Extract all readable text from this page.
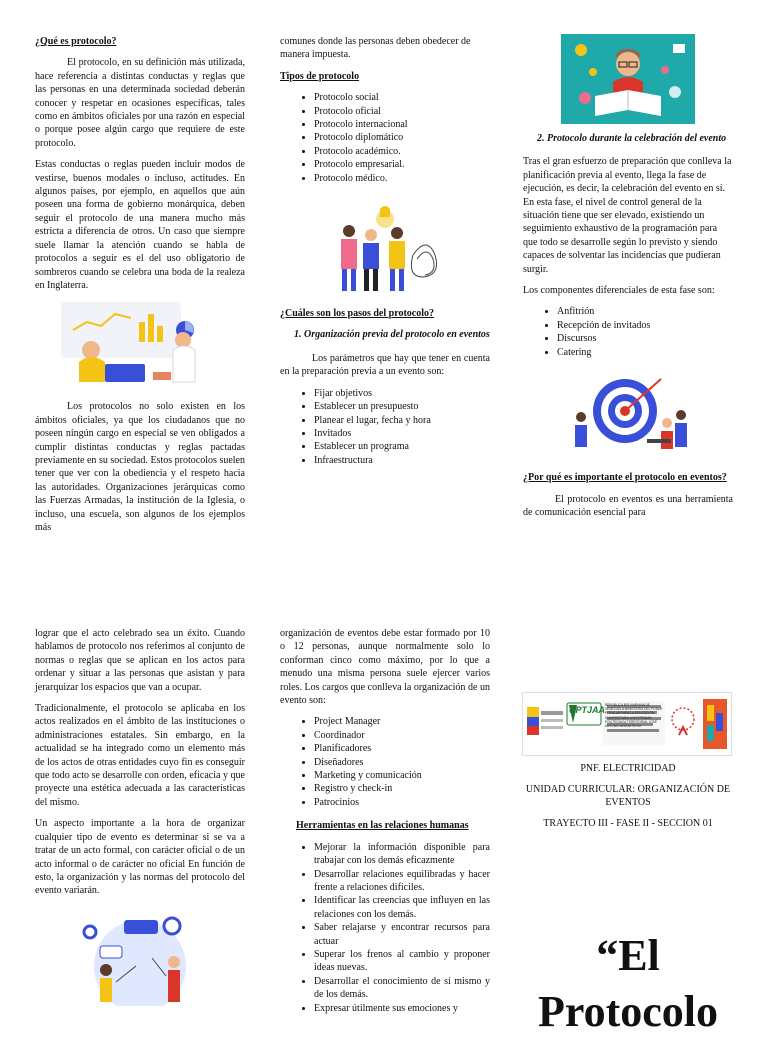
¿Qué es protocolo?

El protocolo, en su definición más utilizada, hace referencia a distintas conductas y reglas que las personas en una determinada sociedad deberán conocer y respetar en ocasiones específicas, tales como en ámbitos oficiales por una razón en especial o porque posee algún cargo que requiere de este protocolo.

Estas conductas o reglas pueden incluir modos de vestirse, buenos modales o incluso, actitudes. En algunos países, por ejemplo, en aquellos que aún poseen una forma de gobierno monárquica, deben seguir el protocolo de una manera mucho más estricta a diferencia de otros. Un caso que siempre suele llamar la atención cuando se habla de protocolos a seguir es el del uso obligatorio de sombreros cuando se celebra una boda de la realeza en Inglaterra.

Los protocolos no solo existen en los ámbitos oficiales, ya que los ciudadanos que no poseen ningún cargo en especial se ven obligados a cumplir distintas conductas y reglas pactadas previamente en su sociedad. Estos protocolos suelen tener que ver con la obediencia y el respeto hacia las autoridades. Organizaciones jerárquicas como las Fuerzas Armadas, la institución de la Iglesia, o incluso, una escuela, son algunos de los ejemplos más

comunes donde las personas deben obedecer de manera impuesta.

Tipos de protocolo
• Protocolo social
• Protocolo oficial
• Protocolo internacional
• Protocolo diplomático
• Protocolo académico.
• Protocolo empresarial.
• Protocolo médico.
¿Cuáles son los pasos del protocolo?
1. Organización previa del protocolo en eventos

Los parámetros que hay que tener en cuenta en la preparación previa a un evento son:

• Fijar objetivos
• Establecer un presupuesto
• Planear el lugar, fecha y hora
• Invitados
• Establecer un programa
• Infraestructura
2. Protocolo durante la celebración del evento

Tras el gran esfuerzo de preparación que conlleva la planificación previa al evento, llega la fase de ejecución, es decir, la celebración del evento en sí. En esta fase, el nivel de control general de la situación tiene que ser elevado, existiendo un seguimiento exhaustivo de la programación para que todo se desarrolle según lo previsto y siendo capaces de solventar las incidencias que pudieran surgir.

Los componentes diferenciales de esta fase son:

• Anfitrión
• Recepción de invitados
• Discursos
• Catering
¿Por qué es importante el protocolo en eventos?

El protocolo en eventos es una herramienta de comunicación esencial para

lograr que el acto celebrado sea un éxito. Cuando hablamos de protocolo nos referimos al conjunto de normas o reglas que se aplican en los actos para ordenar y situar a las personas que asistan y para jerarquizar los espacios que van a ocupar.

Tradicionalmente, el protocolo se aplicaba en los actos realizados en el ámbito de las instituciones o administraciones estatales. Sin embargo, en la actualidad se ha integrado como un elemento más de los actos de otras entidades cuyo fin es conseguir que todo acto se desarrolle con orden, eficacia y que proyecte una estética adecuada a las características del mismo.

Un aspecto importante a la hora de organizar cualquier tipo de evento es determinar si se va a tratar de un acto formal, con carácter oficial o de un acto informal o de carácter no oficial En función de esto, la organización y las normas del protocolo del evento variarán.

organización de eventos debe estar formado por 10 o 12 personas, aunque normalmente solo lo conforman cinco como máximo, por lo que a menudo una misma persona suele ejercer varios roles. Los cargos que conlleva la organización de un evento son:

• Project Manager
• Coordinador
• Planificadores
• Diseñadores
• Marketing y comunicación
• Registro y check-in
• Patrocinios
Herramientas en las relaciones humanas
• Mejorar la información disponible para trabajar con los demás eficazmente
• Desarrollar relaciones equilibradas y hacer frente a relaciones difíciles.
• Identificar las creencias que influyen en las relaciones con los demás.
• Saber relajarse y encontrar recursos para actuar
• Superar los frenos al cambio y proponer ideas nuevas.
• Desarrollar el conocimiento de sí mismo y de los demás.
• Expresar útilmente sus emociones y
UPTJAA REPÚBLICA BOLIVARIANA DE VENEZUELA MINISTERIO DEL PODER POPULAR PARA LA EDUCACIÓN UNIVERSITARIA UNIVERSIDAD POLITÉCNICA TERRITORIAL JOSÉ ANTONIO ANZOÁTEGUI
PNF. ELECTRICIDAD
UNIDAD CURRICULAR: ORGANIZACIÓN DE EVENTOS
TRAYECTO III - FASE II - SECCION 01
“El
Protocolo
